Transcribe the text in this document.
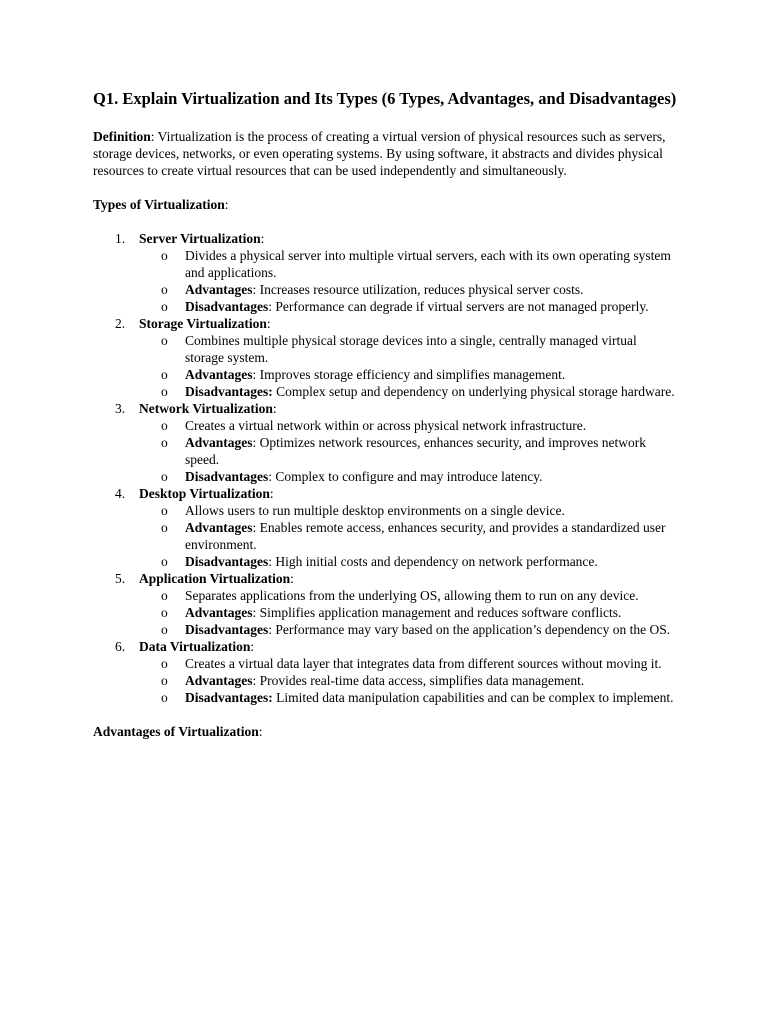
Q1. Explain Virtualization and Its Types (6 Types, Advantages, and Disadvantages)

Definition: Virtualization is the process of creating a virtual version of physical resources such as servers, storage devices, networks, or even operating systems. By using software, it abstracts and divides physical resources to create virtual resources that can be used independently and simultaneously.

Types of Virtualization:

1. Server Virtualization:
o Divides a physical server into multiple virtual servers, each with its own operating system and applications.
o Advantages: Increases resource utilization, reduces physical server costs.
o Disadvantages: Performance can degrade if virtual servers are not managed properly.
2. Storage Virtualization:
o Combines multiple physical storage devices into a single, centrally managed virtual storage system.
o Advantages: Improves storage efficiency and simplifies management.
o Disadvantages: Complex setup and dependency on underlying physical storage hardware.
3. Network Virtualization:
o Creates a virtual network within or across physical network infrastructure.
o Advantages: Optimizes network resources, enhances security, and improves network speed.
o Disadvantages: Complex to configure and may introduce latency.
4. Desktop Virtualization:
o Allows users to run multiple desktop environments on a single device.
o Advantages: Enables remote access, enhances security, and provides a standardized user environment.
o Disadvantages: High initial costs and dependency on network performance.
5. Application Virtualization:
o Separates applications from the underlying OS, allowing them to run on any device.
o Advantages: Simplifies application management and reduces software conflicts.
o Disadvantages: Performance may vary based on the application’s dependency on the OS.
6. Data Virtualization:
o Creates a virtual data layer that integrates data from different sources without moving it.
o Advantages: Provides real-time data access, simplifies data management.
o Disadvantages: Limited data manipulation capabilities and can be complex to implement.

Advantages of Virtualization:
